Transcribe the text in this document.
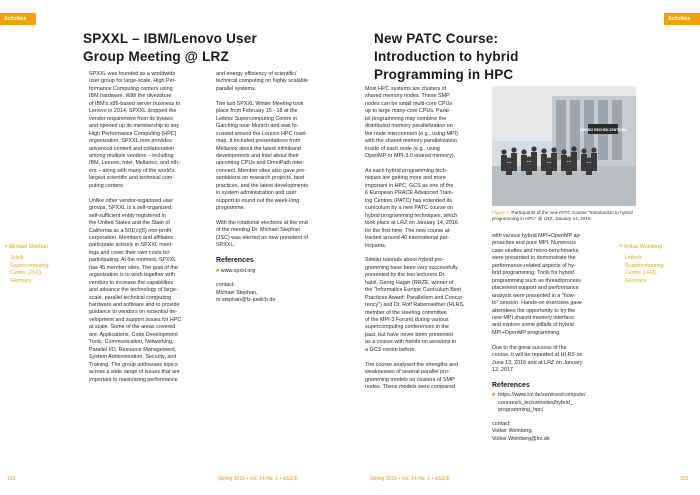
Activities
SPXXL – IBM/Lenovo User
Group Meeting @ LRZ
• Michael Stephan
Jülich
Supercomputing
Centre (JSC),
Germany

SPXXL was founded as a worldwide
user group for large-scale, High Per-
formance Computing centers using
IBM hardware. With the divestiture
of IBM's x86-based server business to
Lenovo in 2014, SPXXL dropped the
vendor requirement from its bylaws
and opened up its membership to any
High Performance Computing (HPC)
organization. SPXXL now provides
advanced content and collaboration
among multiple vendors – including
IBM, Lenovo, Intel, Mellanox, and oth-
ers – along with many of the world's
largest scientific and technical com-
puting centers.

Unlike other vendor-organized user
groups, SPXXL is a self-organized,
self-sufficient entity registered in
the United States and the State of
California as a 501(c)(6) non-profit
corporation. Members and affiliates
participate actively in SPXXL meet-
ings and cover their own costs for
participating. At the moment, SPXXL
has 45 member sites. The goal of the
organization is to work together with
vendors to increase the capabilities
and advance the technology of large-
scale, parallel technical computing
hardware and software and to provide
guidance to vendors on essential de-
velopment and support issues for HPC
at scale. Some of the areas covered
are: Applications, Code Development
Tools, Communication, Networking,
Parallel I/O, Resource Management,
System Administration, Security, and
Training. The group addresses topics
across a wide range of issues that are
important to maximizing performance

and energy efficiency of scientific/
technical computing on highly scalable
parallel systems.

The last SPXXL Winter Meeting took
place from February 15 - 18 at the
Leibniz Supercomputing Centre in
Garching near Munich and was fo-
cussed around the Lenovo HPC road-
map. It included presentations from
Mellanox about the latest Infiniband
developments and Intel about their
upcoming CPUs and OmniPath inter-
connect. Member sites also gave pre-
sentations on research projects, best
practices, and the latest developments
in system administration and user
support to round out the week-long
programme.

With the rotational elections at the end
of the meeting Dr. Michael Stephan
(JSC) was elected as new president of
SPXXL.

References
■ www.spxxl.org
contact:
Michael Stephan,
m.stephan@fz-juelich.de
102	Spring 2016 • Vol. 14 No. 1 • inSiDE
Activities
New PATC Course:
Introduction to hybrid
Programming in HPC

Most HPC systems are clusters of
shared memory nodes. These SMP
nodes can be small multi-core CPUs
up to large many-core CPUs. Paral-
lel programming may combine the
distributed memory parallelization on
the node interconnect (e.g., using MPI)
with the shared memory parallelization
inside of each node (e.g., using
OpenMP or MPI-3.0 shared memory).

As each hybrid programming tech-
niques are getting more and more
important in HPC, GCS as one of the
6 European PRACE Advanced Train-
ing Centres (PATC) has extended its
curriculum by a new PATC course on
hybrid programming techniques, which
took place at LRZ on January 14, 2016
for the first time. The new course at-
tracted around 40 international par-
ticipants.

Similar tutorials about hybrid pro-
gramming have been very successfully
presented by the two lecturers Dr.
habil. Georg Hager (RRZE, winner of
the "Informatics Europe Curriculum Best
Practices Award: Parallelism and Concur-
rency") and Dr. Rolf Rabenseifner (HLRS,
member of the steering committee
of the MPI-3 Forum) during various
supercomputing conferences in the
past, but have never been presented
as a course with hands-on sessions in
a GCS centre before.

The course analysed the strengths and
weaknesses of several parallel pro-
gramming models on clusters of SMP
nodes. These models were compared

LEIBNIZ RECHEN ZENTRUM
Figure 1: Participants of the new PATC Course "Introduction to hybrid programming in HPC" @ LRZ, January 14, 2016

with various hybrid MPI+OpenMP ap-
proaches and pure MPI. Numerous
case studies and micro-benchmarks
were presented to demonstrate the
performance-related aspects of hy-
brid programming. Tools for hybrid
programming such as thread/process
placement support and performance
analysis were presented in a "how-
to" session. Hands-on exercises gave
attendees the opportunity to try the
new MPI shared memory interface
and explore some pitfalls of hybrid
MPI+OpenMP programming.

Due to the great success of the
course, it will be repeated at HLRS on
June 13, 2016 and at LRZ on January
12, 2017.

References
■ https://www.lrz.de/services/compute/
courses/x_lecturenotes/hybrid_
programming_hpc/
contact:
Volker Weinberg,
Volker.Weinberg@lrz.de
• Volker Weinberg
Leibniz
Supercomputing
Centre (LRZ),
Germany
Spring 2016 • Vol. 14 No. 1 • inSiDE	103
